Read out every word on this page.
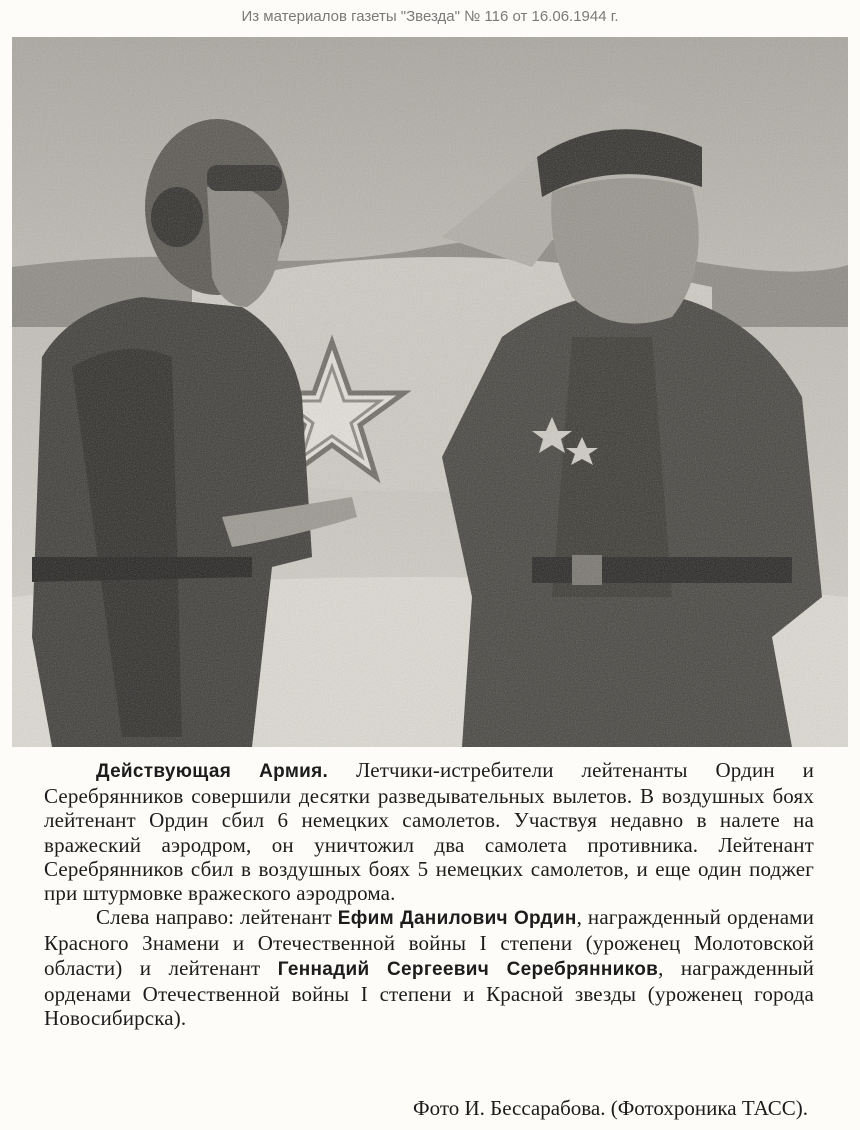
Из материалов газеты "Звезда" № 116 от 16.06.1944 г.

Действующая Армия. Летчики-истребители лейтенанты Ордин и Серебрянников совершили десятки разведывательных вылетов. В воздушных боях лейтенант Ордин сбил 6 немецких самолетов. Участвуя недавно в налете на вражеский аэродром, он уничтожил два самолета противника. Лейтенант Серебрянников сбил в воздушных боях 5 немецких самолетов, и еще один поджег при штурмовке вражеского аэродрома.

Слева направо: лейтенант Ефим Данилович Ордин, награжденный орденами Красного Знамени и Отечественной войны I степени (уроженец Молотовской области) и лейтенант Геннадий Сергеевич Серебрянников, награжденный орденами Отечественной войны I степени и Красной звезды (уроженец города Новосибирска).

Фото И. Бессарабова. (Фотохроника ТАСС).
